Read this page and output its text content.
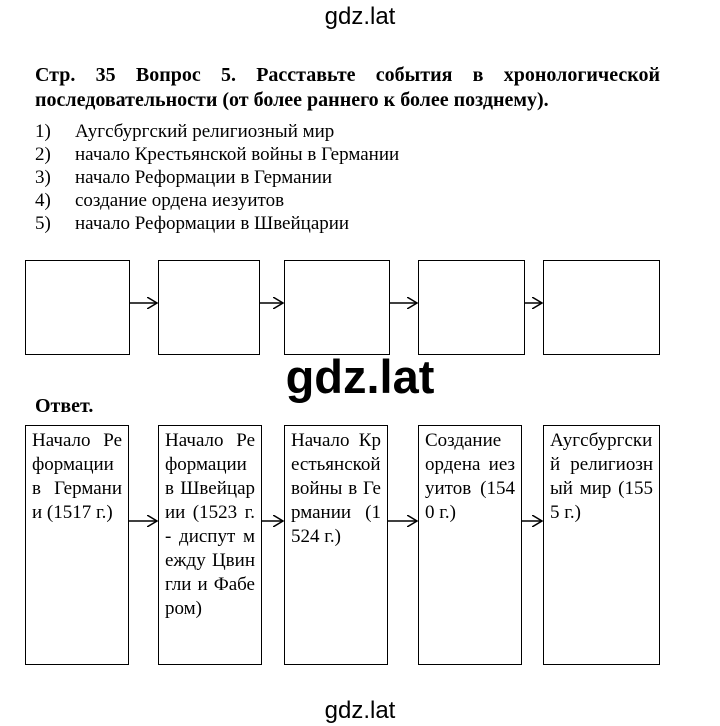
gdz.lat
Стр. 35 Вопрос 5. Расставьте события в хронологической последовательности (от более раннего к более позднему).
1) Аугсбургский религиозный мир
2) начало Крестьянской войны в Германии
3) начало Реформации в Германии
4) создание ордена иезуитов
5) начало Реформации в Швейцарии
gdz.lat
Ответ.
Начало Реформации в Германии (1517 г.)
Начало Реформации в Швейцарии (1523 г.- диспут между Цвингли и Фабером)
Начало Крестьянской войны в Германии (1524 г.)
Создание ордена иезуитов (1540 г.)
Аугсбургский религиозный мир (1555 г.)
gdz.lat
